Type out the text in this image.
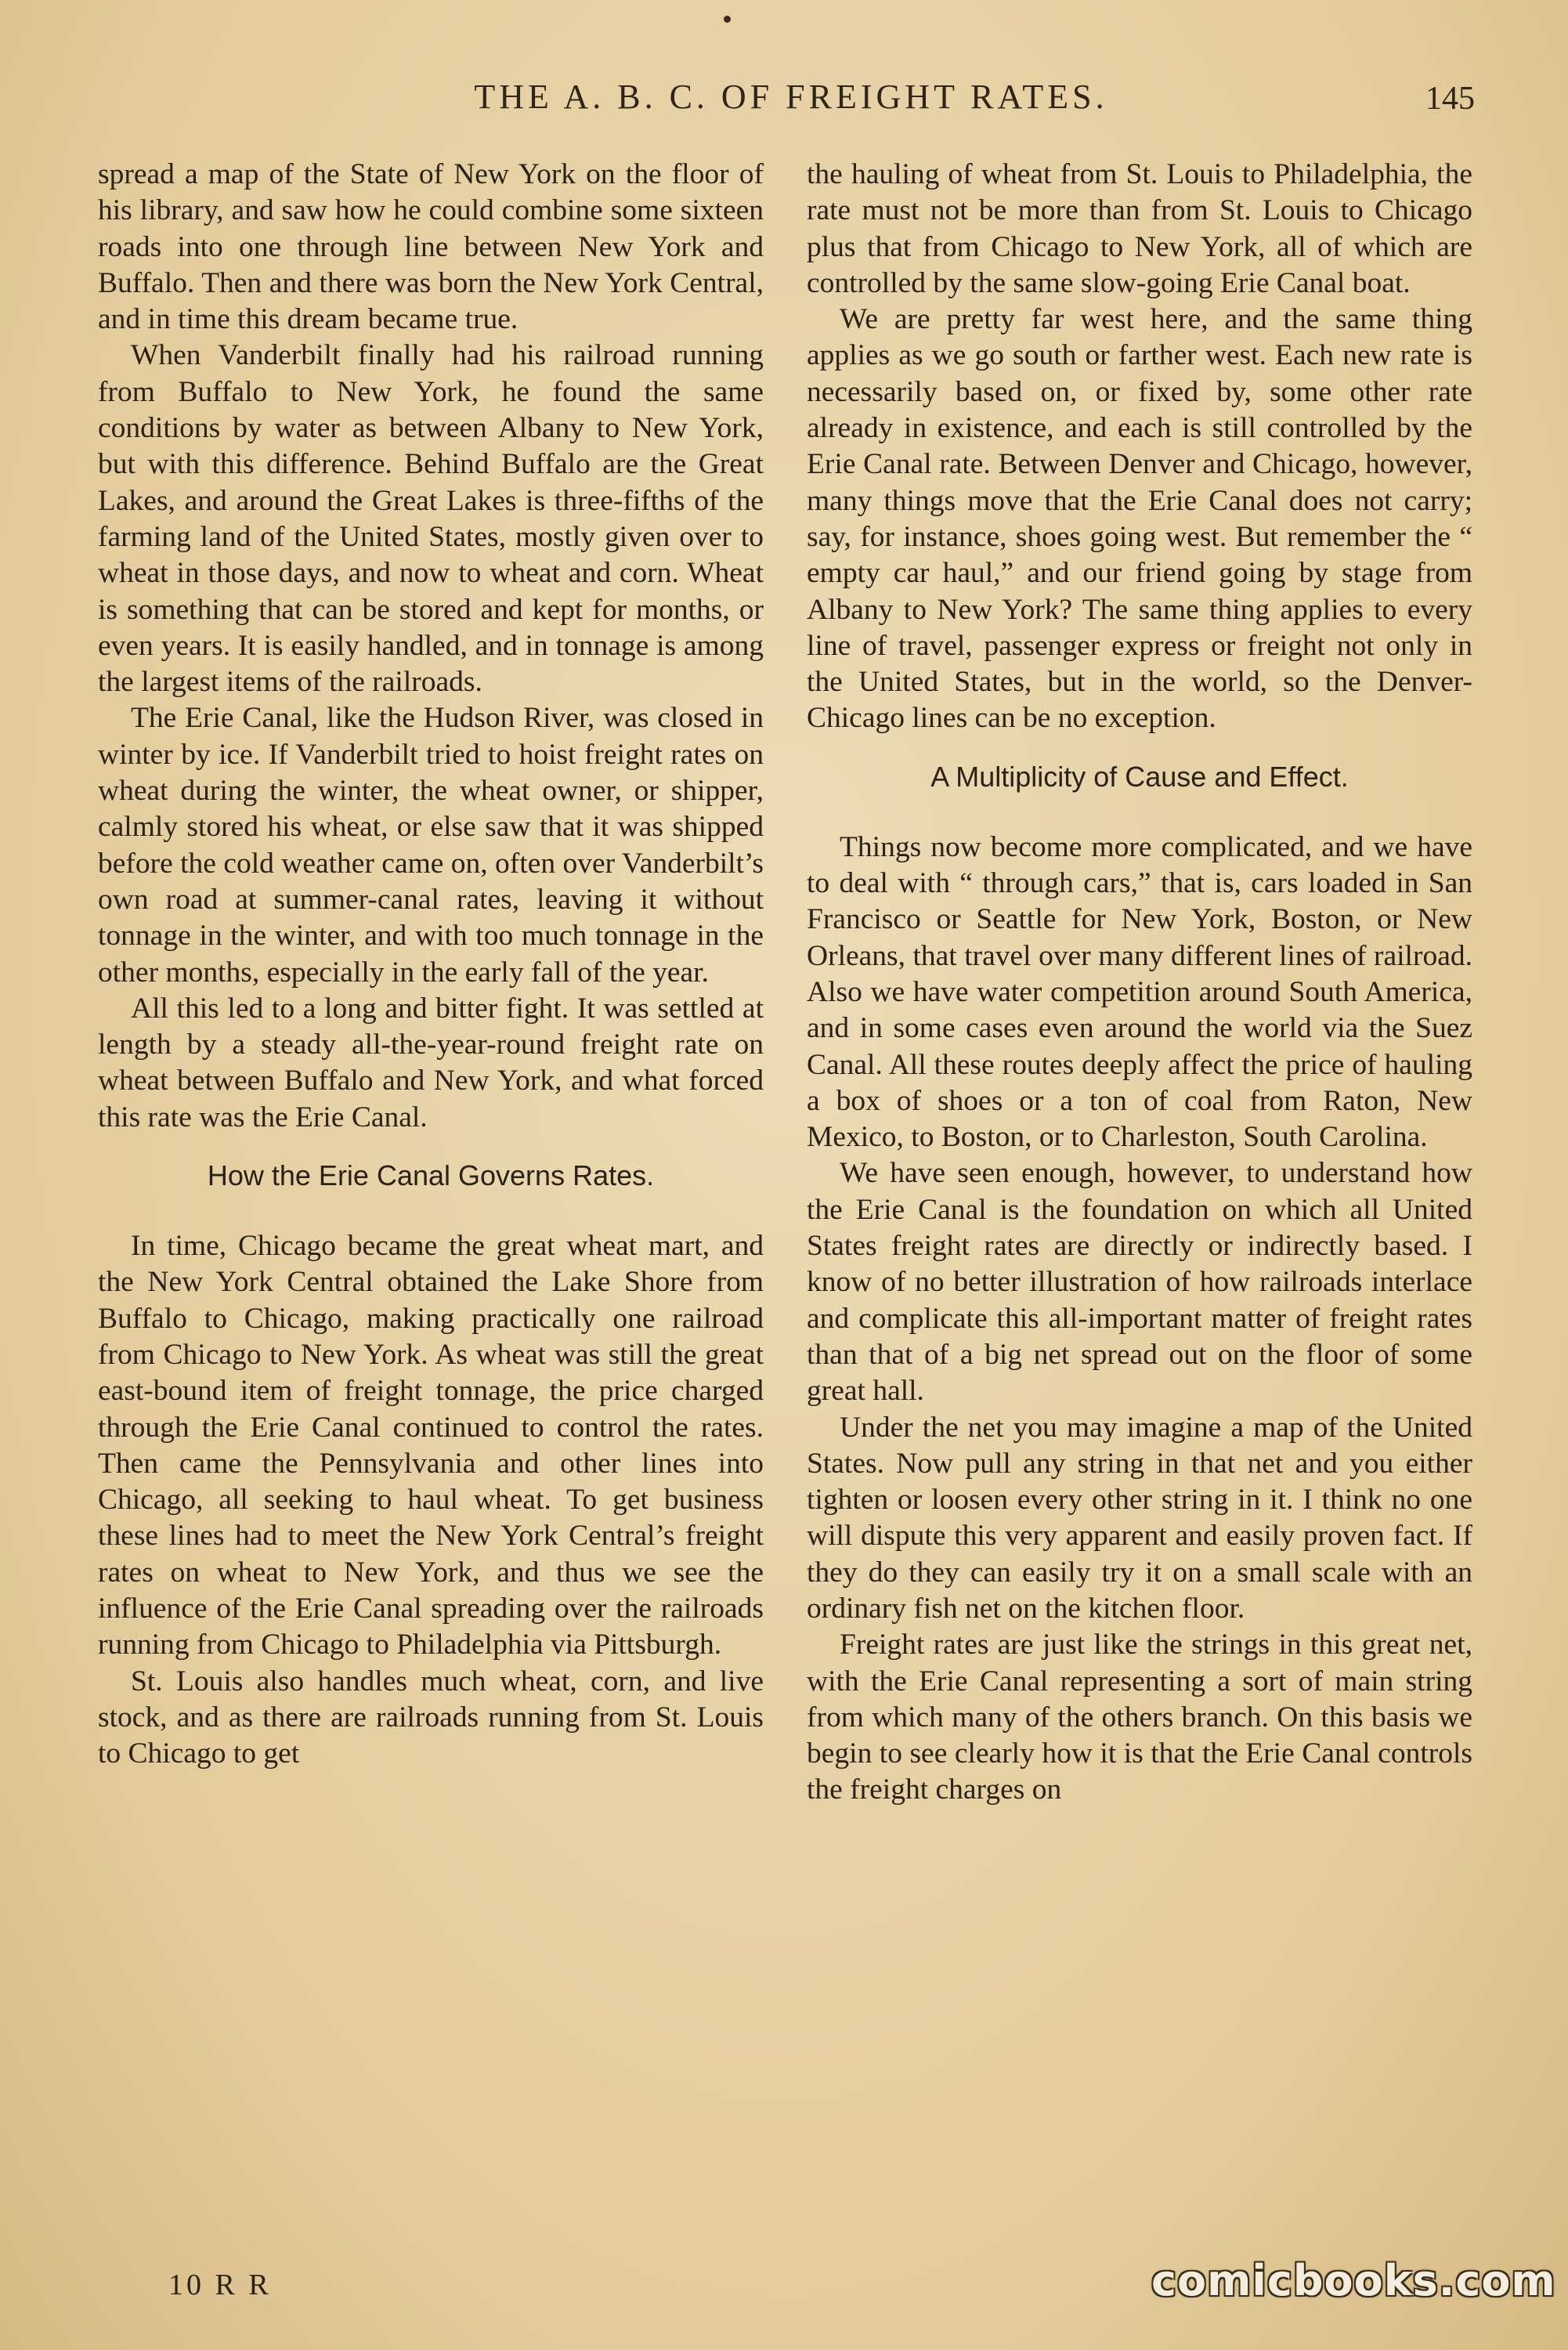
THE A. B. C. OF FREIGHT RATES.	145

spread a map of the State of New York on the floor of his library, and saw how he could combine some sixteen roads into one through line between New York and Buffalo. Then and there was born the New York Central, and in time this dream became true.

When Vanderbilt finally had his railroad running from Buffalo to New York, he found the same conditions by water as between Albany to New York, but with this difference. Behind Buffalo are the Great Lakes, and around the Great Lakes is three-fifths of the farming land of the United States, mostly given over to wheat in those days, and now to wheat and corn. Wheat is something that can be stored and kept for months, or even years. It is easily handled, and in tonnage is among the largest items of the railroads.

The Erie Canal, like the Hudson River, was closed in winter by ice. If Vanderbilt tried to hoist freight rates on wheat during the winter, the wheat owner, or shipper, calmly stored his wheat, or else saw that it was shipped before the cold weather came on, often over Vanderbilt’s own road at summer-canal rates, leaving it without tonnage in the winter, and with too much tonnage in the other months, especially in the early fall of the year.

All this led to a long and bitter fight. It was settled at length by a steady all-the-year-round freight rate on wheat between Buffalo and New York, and what forced this rate was the Erie Canal.

How the Erie Canal Governs Rates.

In time, Chicago became the great wheat mart, and the New York Central obtained the Lake Shore from Buffalo to Chicago, making practically one railroad from Chicago to New York. As wheat was still the great east-bound item of freight tonnage, the price charged through the Erie Canal continued to control the rates. Then came the Pennsylvania and other lines into Chicago, all seeking to haul wheat. To get business these lines had to meet the New York Central’s freight rates on wheat to New York, and thus we see the influence of the Erie Canal spreading over the railroads running from Chicago to Philadelphia via Pittsburgh.

St. Louis also handles much wheat, corn, and live stock, and as there are railroads running from St. Louis to Chicago to get

the hauling of wheat from St. Louis to Philadelphia, the rate must not be more than from St. Louis to Chicago plus that from Chicago to New York, all of which are controlled by the same slow-going Erie Canal boat.

We are pretty far west here, and the same thing applies as we go south or farther west. Each new rate is necessarily based on, or fixed by, some other rate already in existence, and each is still controlled by the Erie Canal rate. Between Denver and Chicago, however, many things move that the Erie Canal does not carry; say, for instance, shoes going west. But remember the “ empty car haul,” and our friend going by stage from Albany to New York? The same thing applies to every line of travel, passenger express or freight not only in the United States, but in the world, so the Denver-Chicago lines can be no exception.

A Multiplicity of Cause and Effect.

Things now become more complicated, and we have to deal with “ through cars,” that is, cars loaded in San Francisco or Seattle for New York, Boston, or New Orleans, that travel over many different lines of railroad. Also we have water competition around South America, and in some cases even around the world via the Suez Canal. All these routes deeply affect the price of hauling a box of shoes or a ton of coal from Raton, New Mexico, to Boston, or to Charleston, South Carolina.

We have seen enough, however, to understand how the Erie Canal is the foundation on which all United States freight rates are directly or indirectly based. I know of no better illustration of how railroads interlace and complicate this all-important matter of freight rates than that of a big net spread out on the floor of some great hall.

Under the net you may imagine a map of the United States. Now pull any string in that net and you either tighten or loosen every other string in it. I think no one will dispute this very apparent and easily proven fact. If they do they can easily try it on a small scale with an ordinary fish net on the kitchen floor.

Freight rates are just like the strings in this great net, with the Erie Canal representing a sort of main string from which many of the others branch. On this basis we begin to see clearly how it is that the Erie Canal controls the freight charges on

10 R R	comicbooks.com
